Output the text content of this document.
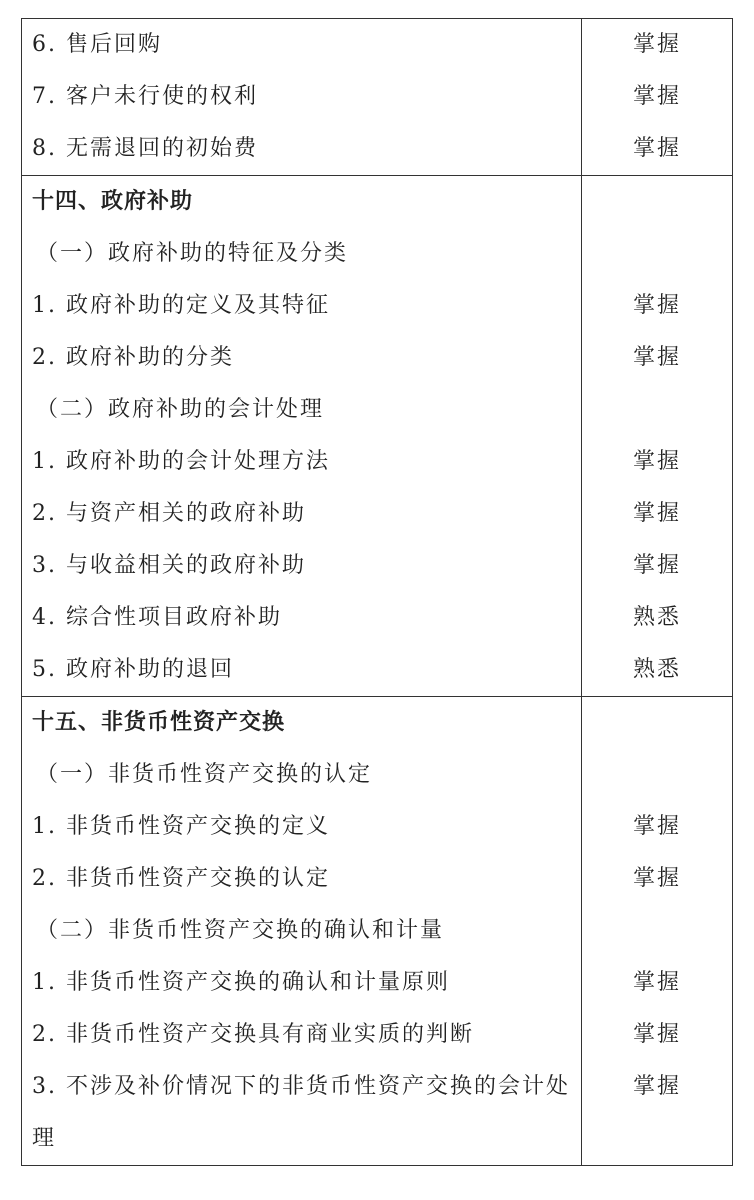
6. 售后回购	掌握

7. 客户未行使的权利	掌握

8. 无需退回的初始费	掌握

十四、政府补助	

（一）政府补助的特征及分类	

1. 政府补助的定义及其特征	掌握

2. 政府补助的分类	掌握

（二）政府补助的会计处理	

1. 政府补助的会计处理方法	掌握

2. 与资产相关的政府补助	掌握

3. 与收益相关的政府补助	掌握

4. 综合性项目政府补助	熟悉

5. 政府补助的退回	熟悉

十五、非货币性资产交换	

（一）非货币性资产交换的认定	

1. 非货币性资产交换的定义	掌握

2. 非货币性资产交换的认定	掌握

（二）非货币性资产交换的确认和计量	

1. 非货币性资产交换的确认和计量原则	掌握

2. 非货币性资产交换具有商业实质的判断	掌握

3. 不涉及补价情况下的非货币性资产交换的会计处理	掌握
